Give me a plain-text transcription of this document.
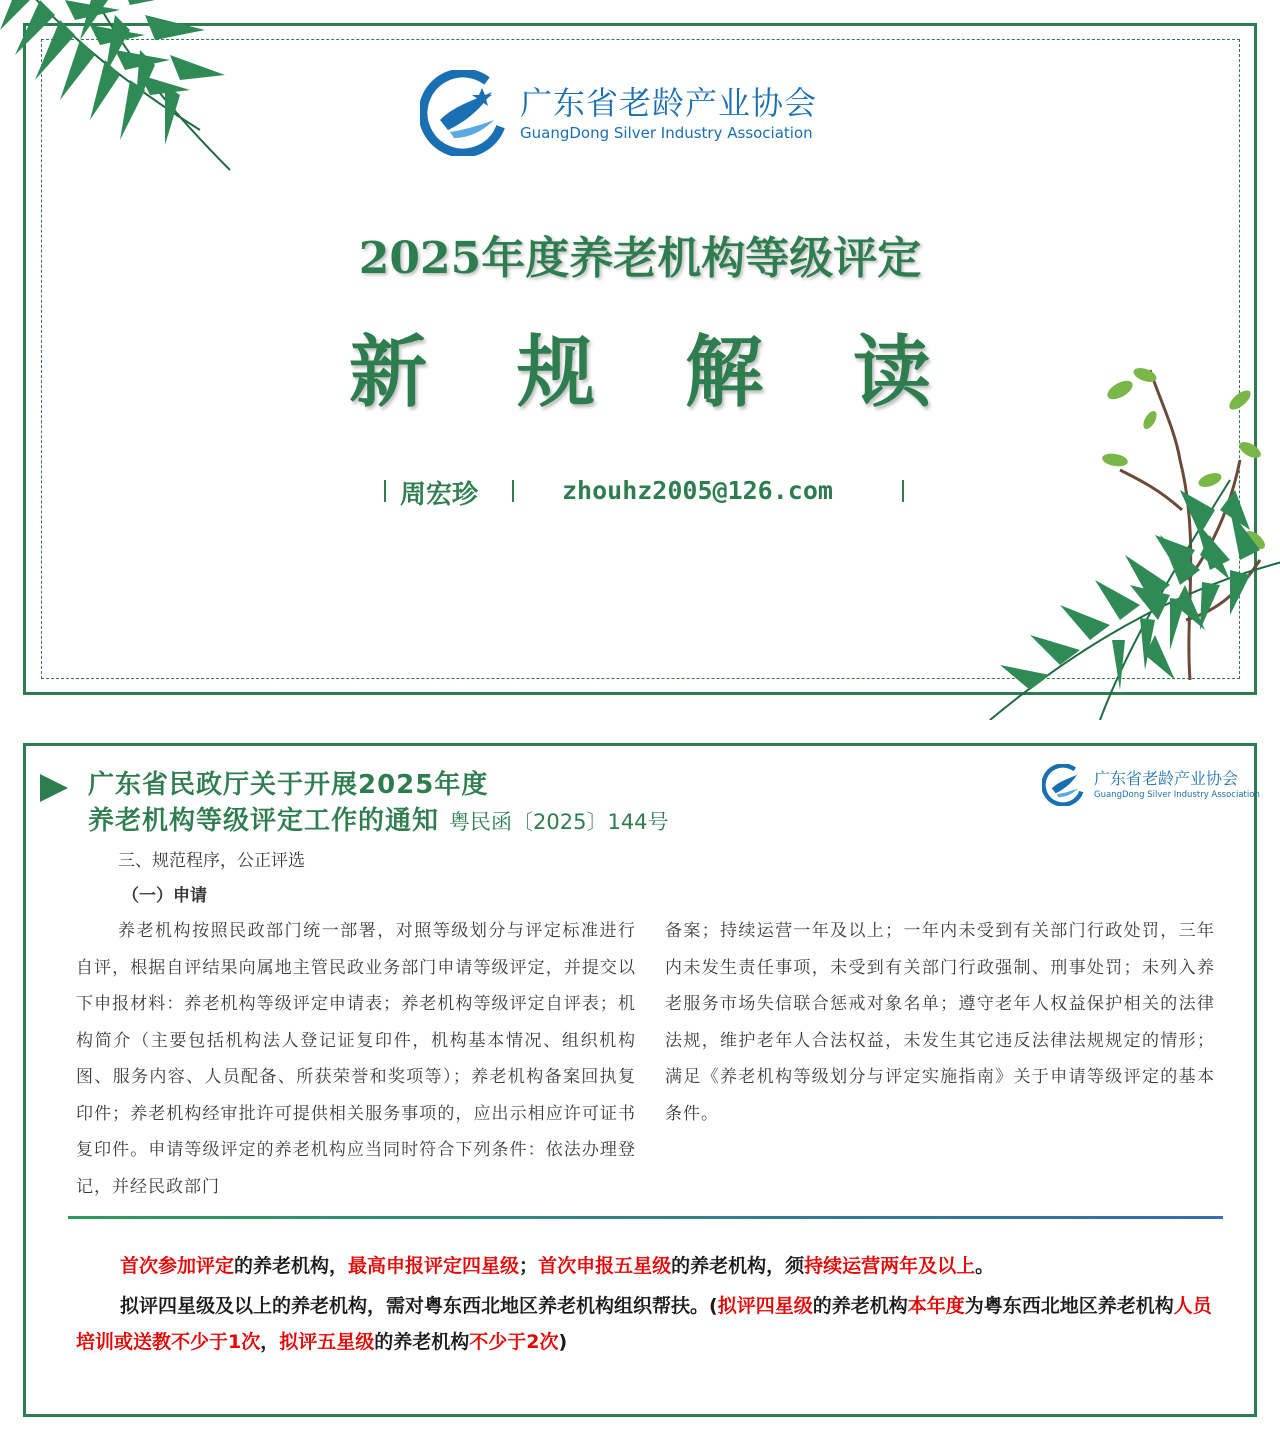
广东省老龄产业协会
GuangDong Silver Industry Association
2025年度养老机构等级评定
新规解读
周宏珍	zhouhz2005@126.com
广东省民政厅关于开展2025年度
养老机构等级评定工作的通知 粤民函〔2025〕144号
广东省老龄产业协会
GuangDong Silver Industry Association
三、规范程序，公正评选
（一）申请
养老机构按照民政部门统一部署，对照等级划分与评定标准进行自评，根据自评结果向属地主管民政业务部门申请等级评定，并提交以下申报材料：养老机构等级评定申请表；养老机构等级评定自评表；机构简介（主要包括机构法人登记证复印件，机构基本情况、组织机构图、服务内容、人员配备、所获荣誉和奖项等）；养老机构备案回执复印件；养老机构经审批许可提供相关服务事项的，应出示相应许可证书复印件。申请等级评定的养老机构应当同时符合下列条件：依法办理登记，并经民政部门
备案；持续运营一年及以上；一年内未受到有关部门行政处罚，三年内未发生责任事项，未受到有关部门行政强制、刑事处罚；未列入养老服务市场失信联合惩戒对象名单；遵守老年人权益保护相关的法律法规，维护老年人合法权益，未发生其它违反法律法规规定的情形；满足《养老机构等级划分与评定实施指南》关于申请等级评定的基本条件。
首次参加评定的养老机构，最高申报评定四星级；首次申报五星级的养老机构，须持续运营两年及以上。
拟评四星级及以上的养老机构，需对粤东西北地区养老机构组织帮扶。(拟评四星级的养老机构本年度为粤东西北地区养老机构人员培训或送教不少于1次，拟评五星级的养老机构不少于2次)
